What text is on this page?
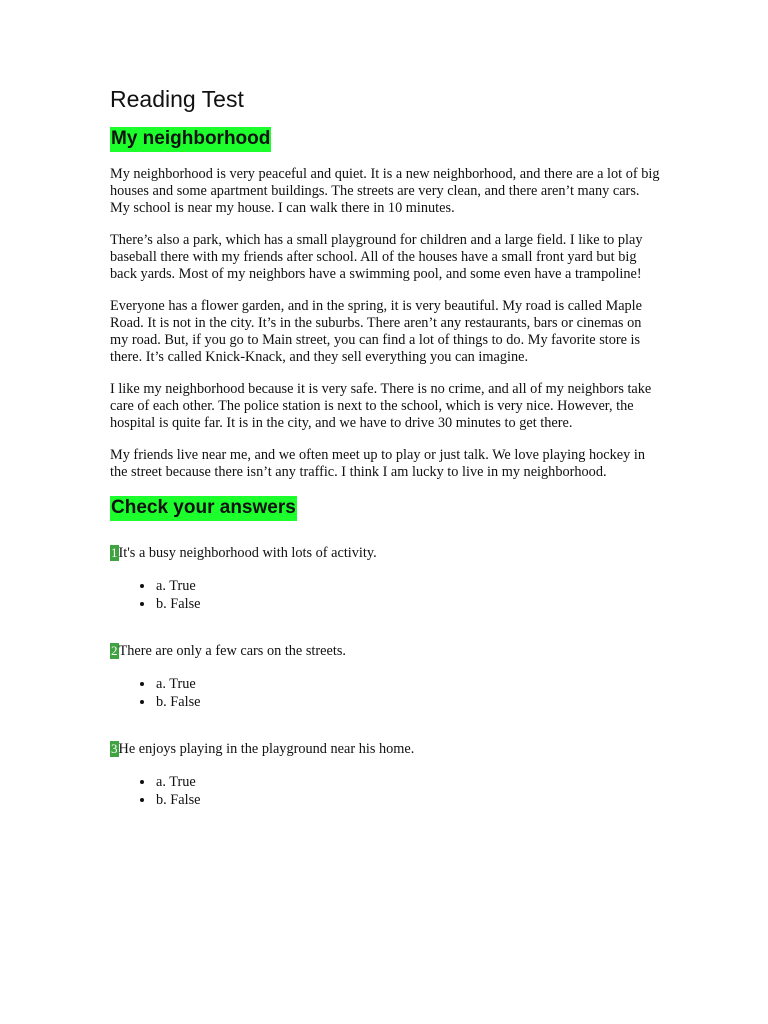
Reading Test
My neighborhood

My neighborhood is very peaceful and quiet. It is a new neighborhood, and there are a lot of big houses and some apartment buildings. The streets are very clean, and there aren’t many cars. My school is near my house. I can walk there in 10 minutes.

There’s also a park, which has a small playground for children and a large field. I like to play baseball there with my friends after school. All of the houses have a small front yard but big back yards. Most of my neighbors have a swimming pool, and some even have a trampoline!

Everyone has a flower garden, and in the spring, it is very beautiful. My road is called Maple Road. It is not in the city. It’s in the suburbs. There aren’t any restaurants, bars or cinemas on my road. But, if you go to Main street, you can find a lot of things to do. My favorite store is there. It’s called Knick-Knack, and they sell everything you can imagine.

I like my neighborhood because it is very safe. There is no crime, and all of my neighbors take care of each other. The police station is next to the school, which is very nice. However, the hospital is quite far. It is in the city, and we have to drive 30 minutes to get there.

My friends live near me, and we often meet up to play or just talk. We love playing hockey in the street because there isn’t any traffic. I think I am lucky to live in my neighborhood.

Check your answers

1It's a busy neighborhood with lots of activity.

a. True
b. False

2There are only a few cars on the streets.

a. True
b. False

3He enjoys playing in the playground near his home.

a. True
b. False
